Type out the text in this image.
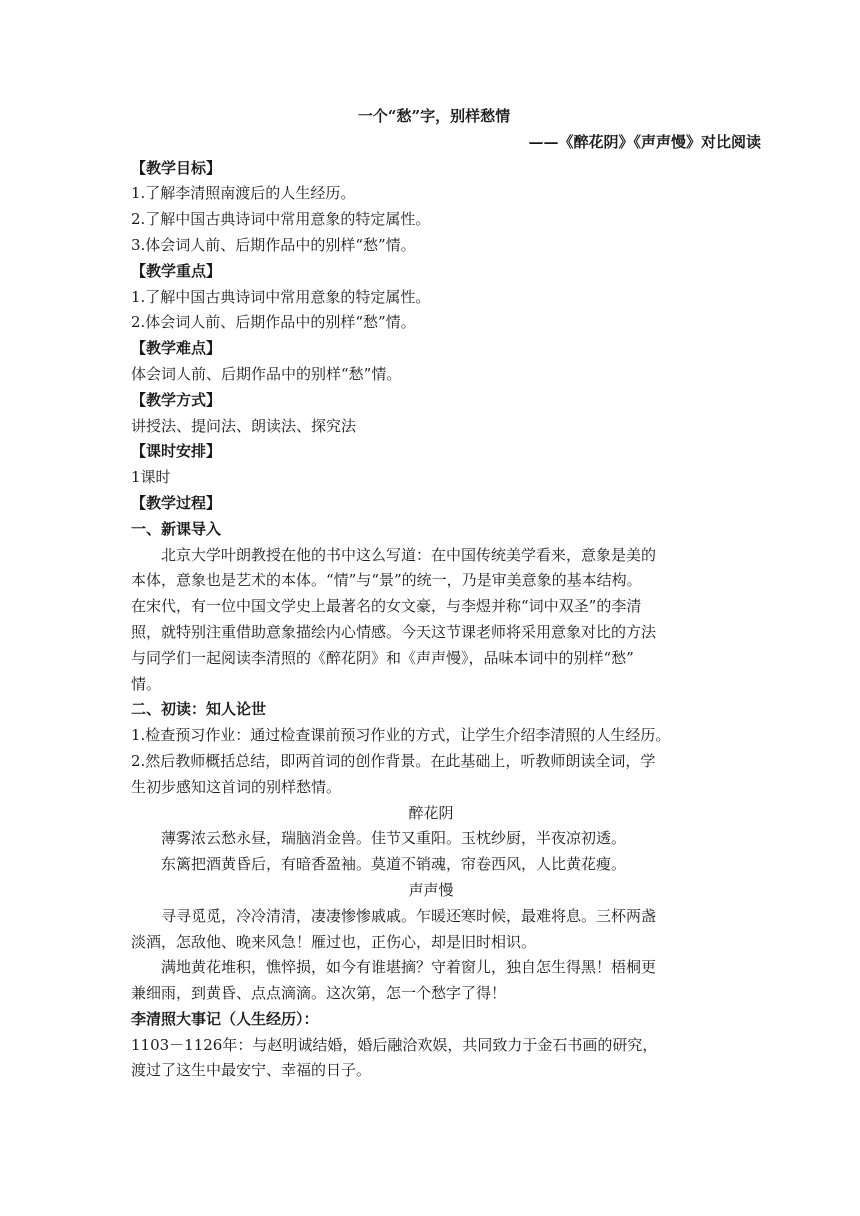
一个“愁”字，别样愁情
——《醉花阴》《声声慢》对比阅读
【教学目标】
1.了解李清照南渡后的人生经历。
2.了解中国古典诗词中常用意象的特定属性。
3.体会词人前、后期作品中的别样“愁”情。
【教学重点】
1.了解中国古典诗词中常用意象的特定属性。
2.体会词人前、后期作品中的别样“愁”情。
【教学难点】
体会词人前、后期作品中的别样“愁”情。
【教学方式】
讲授法、提问法、朗读法、探究法
【课时安排】
1课时
【教学过程】
一、新课导入
北京大学叶朗教授在他的书中这么写道：在中国传统美学看来，意象是美的
本体，意象也是艺术的本体。“情”与“景”的统一，乃是审美意象的基本结构。
在宋代，有一位中国文学史上最著名的女文豪，与李煜并称“词中双圣”的李清
照，就特别注重借助意象描绘内心情感。今天这节课老师将采用意象对比的方法
与同学们一起阅读李清照的《醉花阴》和《声声慢》，品味本词中的别样“愁”
情。
二、初读：知人论世
1.检查预习作业：通过检查课前预习作业的方式，让学生介绍李清照的人生经历。
2.然后教师概括总结，即两首词的创作背景。在此基础上，听教师朗读全词，学
生初步感知这首词的别样愁情。
醉花阴
薄雾浓云愁永昼，瑞脑消金兽。佳节又重阳。玉枕纱厨，半夜凉初透。
东篱把酒黄昏后，有暗香盈袖。莫道不销魂，帘卷西风，人比黄花瘦。
声声慢
寻寻觅觅，冷冷清清，凄凄惨惨戚戚。乍暖还寒时候，最难将息。三杯两盏
淡酒，怎敌他、晚来风急！雁过也，正伤心，却是旧时相识。
满地黄花堆积，憔悴损，如今有谁堪摘？守着窗儿，独自怎生得黑！梧桐更
兼细雨，到黄昏、点点滴滴。这次第，怎一个愁字了得！
李清照大事记（人生经历）：
1103－1126年：与赵明诚结婚，婚后融洽欢娱，共同致力于金石书画的研究，
渡过了这生中最安宁、幸福的日子。
